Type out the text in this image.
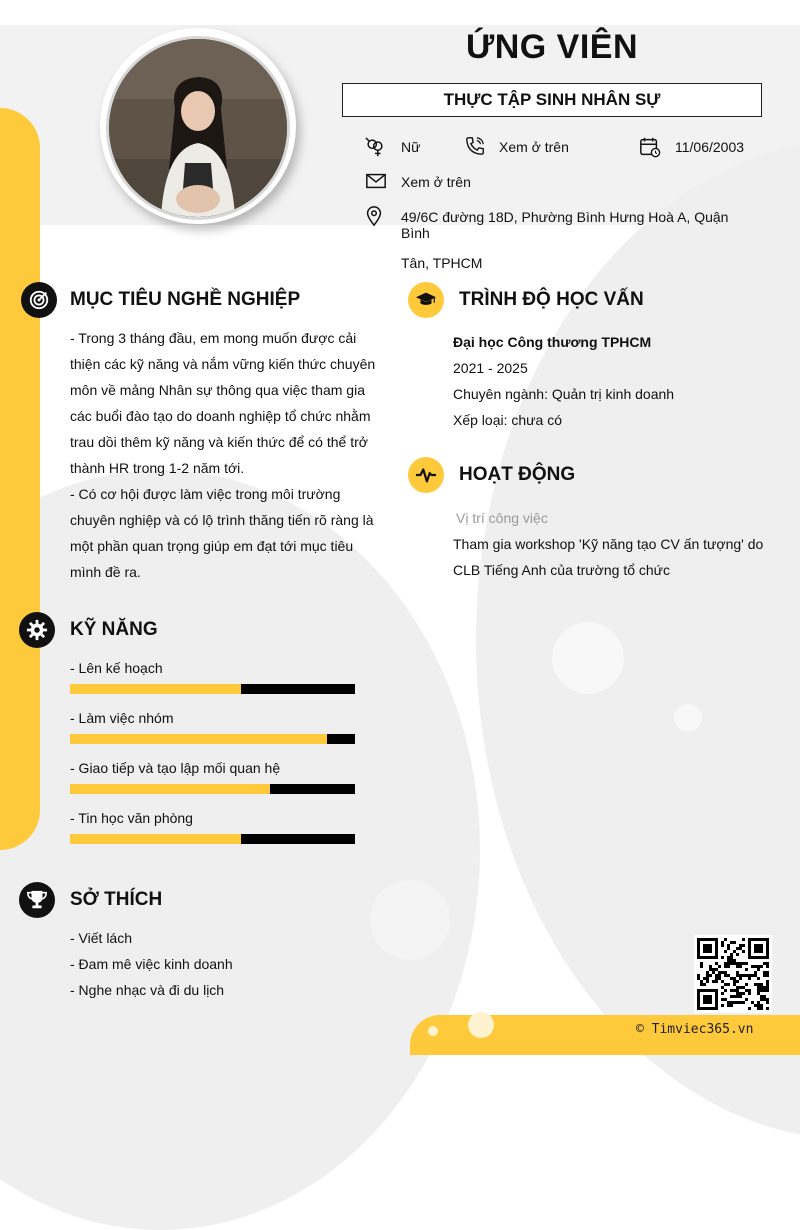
ỨNG VIÊN
THỰC TẬP SINH NHÂN SỰ
Nữ	Xem ở trên	11/06/2003
Xem ở trên
49/6C đường 18D, Phường Bình Hưng Hoà A, Quận Bình
Tân, TPHCM
MỤC TIÊU NGHỀ NGHIỆP
- Trong 3 tháng đầu, em mong muốn được cải
thiện các kỹ năng và nắm vững kiến thức chuyên
môn về mảng Nhân sự thông qua việc tham gia
các buổi đào tạo do doanh nghiệp tổ chức nhằm
trau dồi thêm kỹ năng và kiến thức để có thể trở
thành HR trong 1-2 năm tới.
- Có cơ hội được làm việc trong môi trường
chuyên nghiệp và có lộ trình thăng tiến rõ ràng là
một phần quan trọng giúp em đạt tới mục tiêu
mình đề ra.
KỸ NĂNG
- Lên kế hoạch
- Làm việc nhóm
- Giao tiếp và tạo lập mối quan hệ
- Tin học văn phòng
SỞ THÍCH
- Viết lách
- Đam mê việc kinh doanh
- Nghe nhạc và đi du lịch
TRÌNH ĐỘ HỌC VẤN
Đại học Công thương TPHCM
2021 - 2025
Chuyên ngành: Quản trị kinh doanh
Xếp loại: chưa có
HOẠT ĐỘNG
Vị trí công việc
Tham gia workshop 'Kỹ năng tạo CV ấn tượng' do
CLB Tiếng Anh của trường tổ chức
© Timviec365.vn
